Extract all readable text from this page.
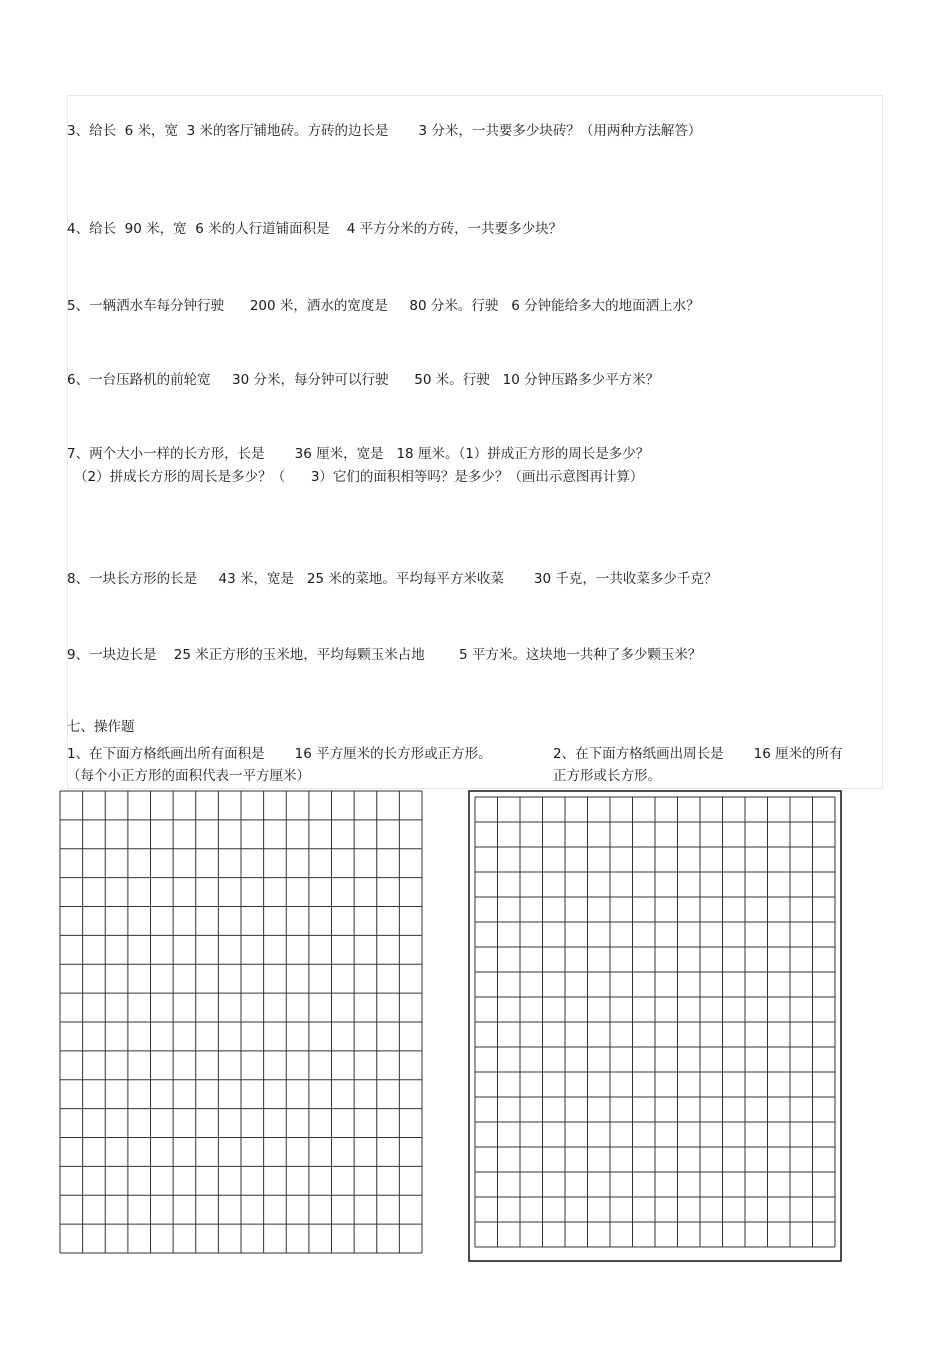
3、给长  6 米，宽  3 米的客厅铺地砖。方砖的边长是       3 分米，一共要多少块砖？（用两种方法解答）
4、给长  90 米，宽  6 米的人行道铺面积是    4 平方分米的方砖，一共要多少块？
5、一辆洒水车每分钟行驶      200 米，洒水的宽度是     80 分米。行驶   6 分钟能给多大的地面洒上水？
6、一台压路机的前轮宽     30 分米，每分钟可以行驶      50 米。行驶   10 分钟压路多少平方米？
7、两个大小一样的长方形，长是       36 厘米，宽是   18 厘米。（1）拼成正方形的周长是多少？
（2）拼成长方形的周长是多少？（      3）它们的面积相等吗？是多少？（画出示意图再计算）
8、一块长方形的长是     43 米，宽是   25 米的菜地。平均每平方米收菜       30 千克，一共收菜多少千克？
9、一块边长是    25 米正方形的玉米地，平均每颗玉米占地        5 平方米。这块地一共种了多少颗玉米？
七、操作题
1、在下面方格纸画出所有面积是       16 平方厘米的长方形或正方形。
（每个小正方形的面积代表一平方厘米）
2、在下面方格纸画出周长是       16 厘米的所有
正方形或长方形。
